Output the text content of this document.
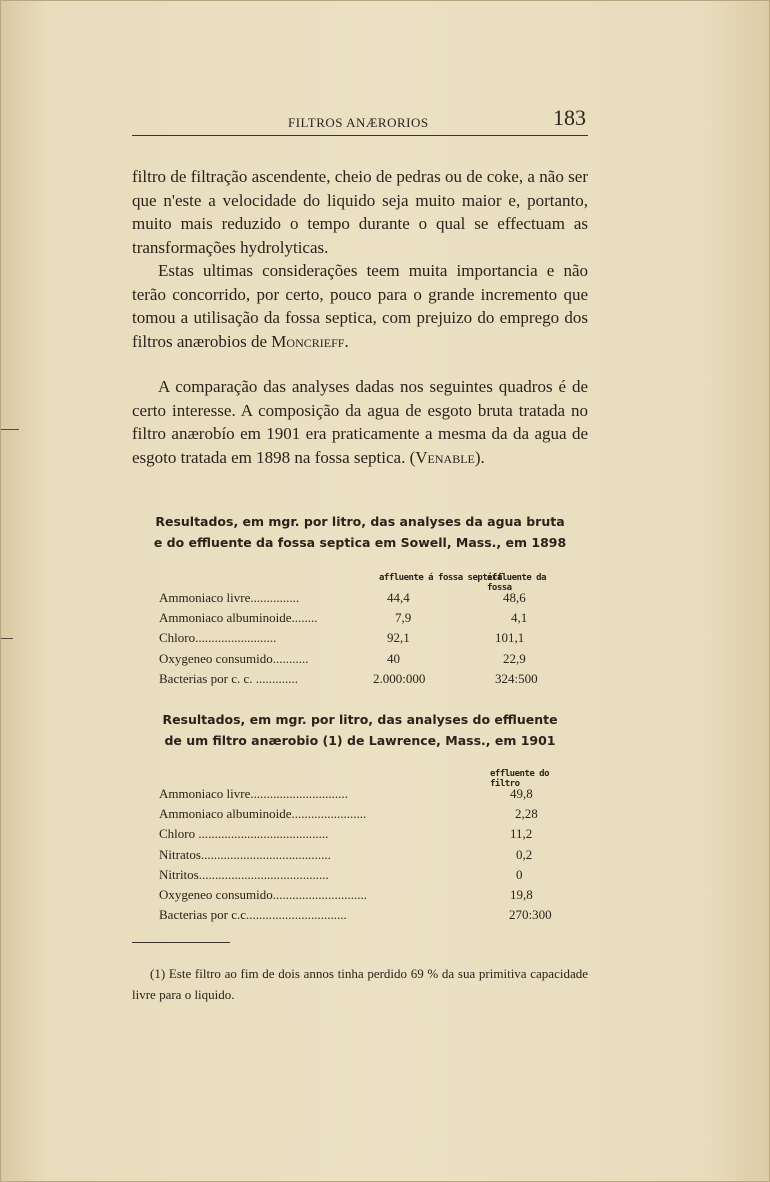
FILTROS ANÆRORIOS	183

filtro de filtração ascendente, cheio de pedras ou de coke, a não ser que n'este a velocidade do liquido seja muito maior e, portanto, muito mais reduzido o tempo durante o qual se effectuam as transformações hydrolyticas.

Estas ultimas considerações teem muita importancia e não terão concorrido, por certo, pouco para o grande incremento que tomou a utilisação da fossa septica, com prejuizo do emprego dos filtros anærobios de Moncrieff.

A comparação das analyses dadas nos seguintes quadros é de certo interesse. A composição da agua de esgoto bruta tratada no filtro anærobío em 1901 era praticamente a mesma da da agua de esgoto tratada em 1898 na fossa septica. (Venable).

Resultados, em mgr. por litro, das analyses da agua bruta
e do effluente da fossa septica em Sowell, Mass., em 1898
affluente á fossa septica
effluente da fossa
Ammoniaco livre...............	44,4	48,6
Ammoniaco albuminoide........	7,9	4,1
Chloro.........................	92,1	101,1
Oxygeneo consumido...........	40	22,9
Bacterias por c. c. .............	2.000:000	324:500
Resultados, em mgr. por litro, das analyses do effluente
de um filtro anærobio (1) de Lawrence, Mass., em 1901
effluente do filtro
Ammoniaco livre..............................	49,8
Ammoniaco albuminoide.......................	2,28
Chloro ........................................	11,2
Nitratos........................................	0,2
Nitritos........................................	0
Oxygeneo consumido.............................	19,8
Bacterias por c.c...............................	270:300

(1) Este filtro ao fim de dois annos tinha perdido 69 % da sua primitiva capacidade livre para o liquido.
